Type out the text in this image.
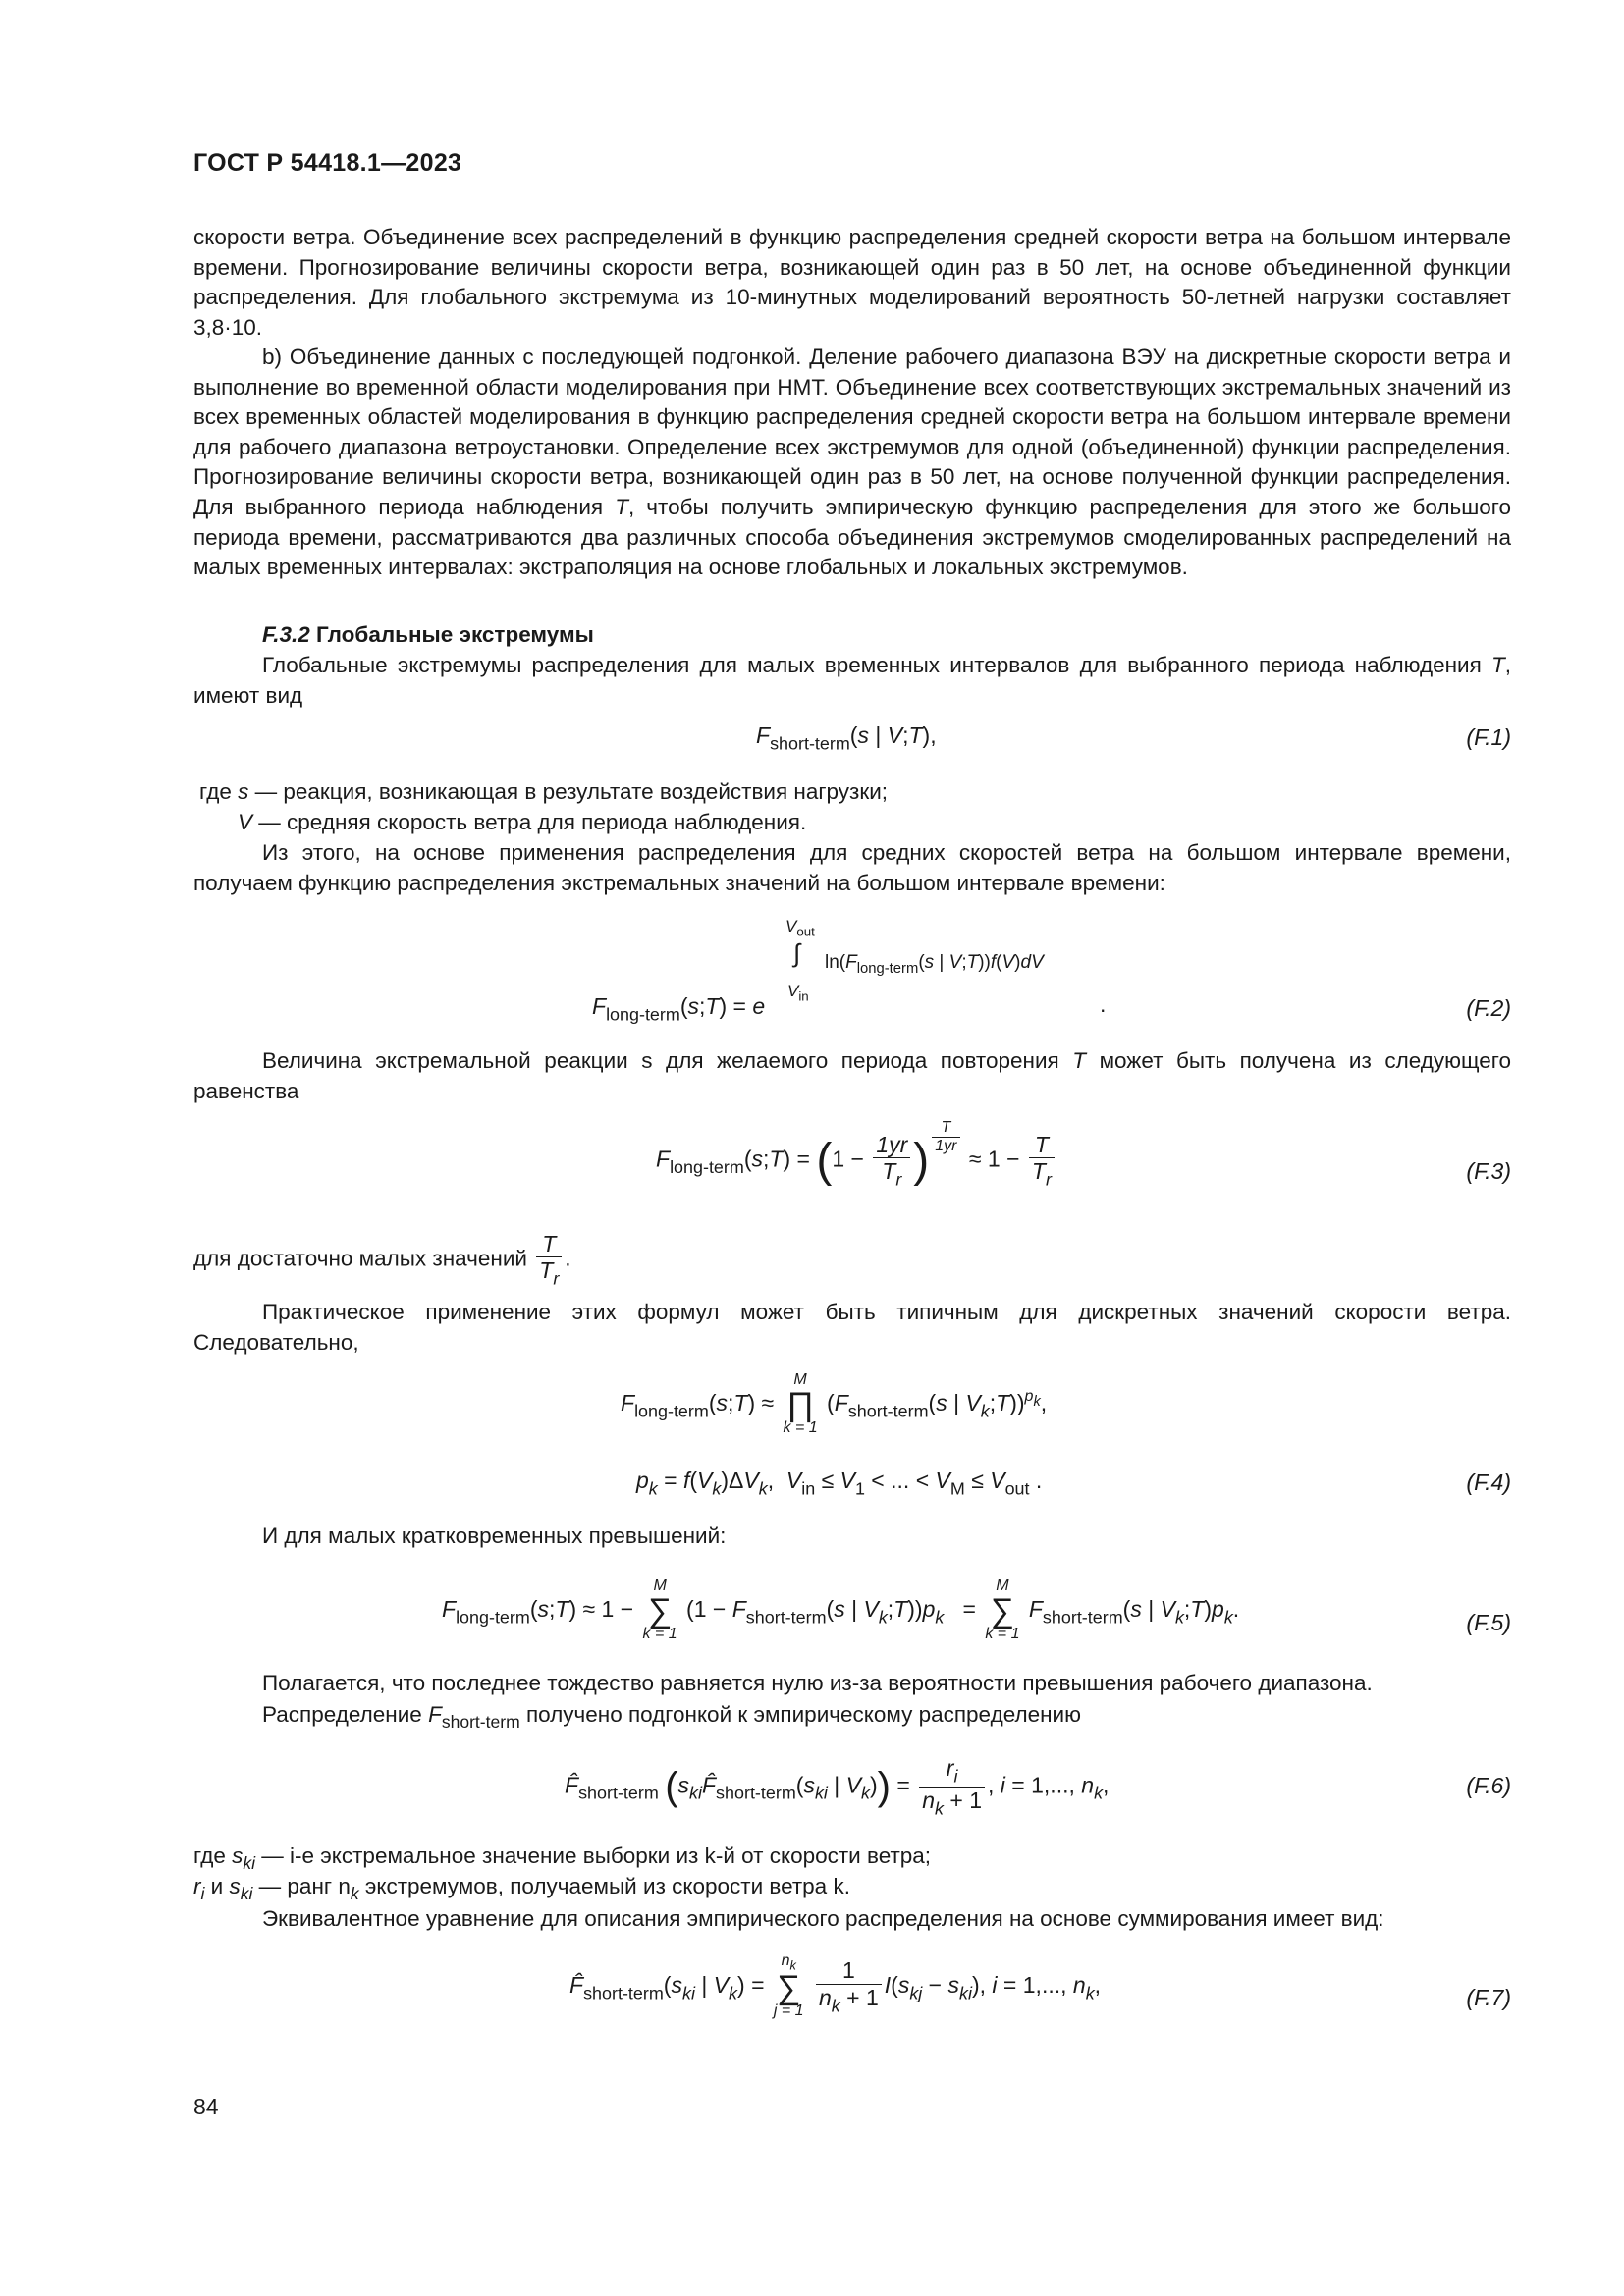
ГОСТ Р 54418.1—2023
скорости ветра. Объединение всех распределений в функцию распределения средней скорости ветра на большом интервале времени. Прогнозирование величины скорости ветра, возникающей один раз в 50 лет, на основе объединенной функции распределения. Для глобального экстремума из 10-минутных моделирований вероятность 50-летней нагрузки составляет 3,8·10.
b) Объединение данных с последующей подгонкой. Деление рабочего диапазона ВЭУ на дискретные скорости ветра и выполнение во временной области моделирования при НМТ. Объединение всех соответствующих экстремальных значений из всех временных областей моделирования в функцию распределения средней скорости ветра на большом интервале времени для рабочего диапазона ветроустановки. Определение всех экстремумов для одной (объединенной) функции распределения. Прогнозирование величины скорости ветра, возникающей один раз в 50 лет, на основе полученной функции распределения. Для выбранного периода наблюдения T, чтобы получить эмпирическую функцию распределения для этого же большого периода времени, рассматриваются два различных способа объединения экстремумов смоделированных распределений на малых временных интервалах: экстраполяция на основе глобальных и локальных экстремумов.
F.3.2 Глобальные экстремумы
Глобальные экстремумы распределения для малых временных интервалов для выбранного периода наблюдения T, имеют вид
$F_{short-term}(s$ | V;T),	(F.1)
где s — реакция, возникающая в результате воздействия нагрузки;
V — средняя скорость ветра для периода наблюдения.
Из этого, на основе применения распределения для средних скоростей ветра на большом интервале времени, получаем функцию распределения экстремальных значений на большом интервале времени:
$V_{out}$
∫ $\ln(F_{long-term}(s$ | V;T))f(V)dV
$V_{in}$
$F_{long-term}(s;T) = e$	.	(F.2)
Величина экстремальной реакции s для желаемого периода повторения T может быть получена из следующего равенства
$F_{long-term}(s;T) = (1 - \frac{1yr}{T_r}$ ) $^{\frac{T}{1yr}}$
≈ $1 - \frac{T}{T_r}$	(F.3)
для достаточно малых значений $\frac{T}{T_r}$ .
Практическое применение этих формул может быть типичным для дискретных значений скорости ветра. Следовательно,
$F_{long-term}(s;T)$ ≈
M
∏
k = 1
($F_{short-term}(s$ | $V_k;T))^{p_k}$,
$p_k = f(V_k)\Delta V_k$,  $V_{in} \le V_1$ < ... < $V_M \le V_{out}$ .	(F.4)
И для малых кратковременных превышений:
$F_{long-term}(s;T) \approx 1$ −
M
∑
k = 1
($1 - F_{short-term}(s$ | $V_k;T))p_k$   =
M
∑
k = 1
$F_{short-term}(s$ | $V_k;T)p_k$.
(F.5)
Полагается, что последнее тождество равняется нулю из-за вероятности превышения рабочего диапазона.
Распределение $F_{short-term}$ получено подгонкой к эмпирическому распределению
$F̂_{short-term}$ ($s_{ki}F̂_{short-term}(s_{ki}$ | $V_k)) = \frac{r_i}{n_k + 1}$ , i = 1,..., $n_k$,	(F.6)
где $s_{ki}$ — i-е экстремальное значение выборки из k-й от скорости ветра;
$r_i$ и $s_{ki}$ — ранг $n_k$ экстремумов, получаемый из скорости ветра k.
Эквивалентное уравнение для описания эмпирического распределения на основе суммирования имеет вид:
$F̂_{short-term}(s_{ki}$ | $V_k$) =
$n_k$
∑
j = 1
$\frac{1}{n_k + 1} I(s_{kj} - s_{ki})$, i = 1,..., $n_k$,	(F.7)
84
